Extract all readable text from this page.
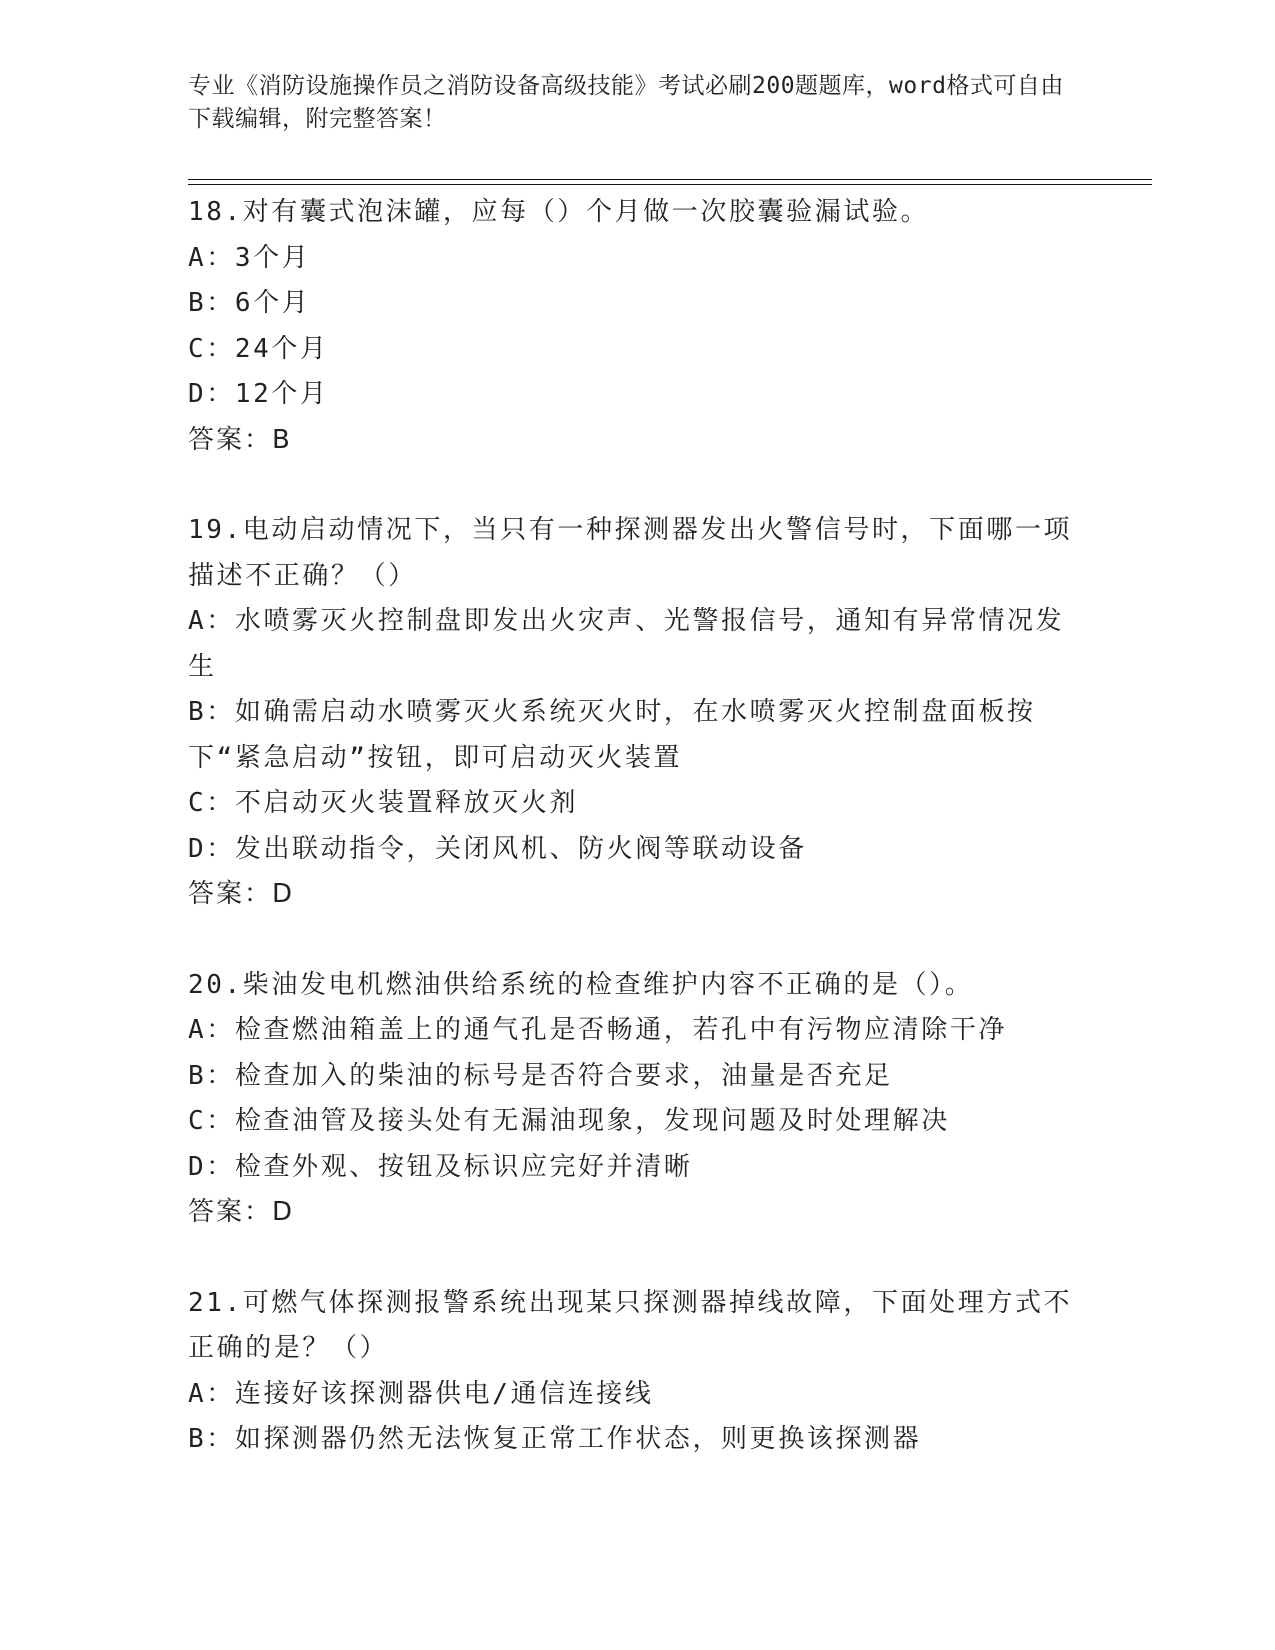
专业《消防设施操作员之消防设备高级技能》考试必刷200题题库，word格式可自由下载编辑，附完整答案！
18.对有囊式泡沫罐，应每（）个月做一次胶囊验漏试验。
A：3个月
B：6个月
C：24个月
D：12个月
答案：B
19.电动启动情况下，当只有一种探测器发出火警信号时，下面哪一项描述不正确？（）
A：水喷雾灭火控制盘即发出火灾声、光警报信号，通知有异常情况发生
B：如确需启动水喷雾灭火系统灭火时，在水喷雾灭火控制盘面板按下“紧急启动”按钮，即可启动灭火装置
C：不启动灭火装置释放灭火剂
D：发出联动指令，关闭风机、防火阀等联动设备
答案：D
20.柴油发电机燃油供给系统的检查维护内容不正确的是（）。
A：检查燃油箱盖上的通气孔是否畅通，若孔中有污物应清除干净
B：检查加入的柴油的标号是否符合要求，油量是否充足
C：检查油管及接头处有无漏油现象，发现问题及时处理解决
D：检查外观、按钮及标识应完好并清晰
答案：D
21.可燃气体探测报警系统出现某只探测器掉线故障，下面处理方式不正确的是？（）
A：连接好该探测器供电/通信连接线
B：如探测器仍然无法恢复正常工作状态，则更换该探测器
